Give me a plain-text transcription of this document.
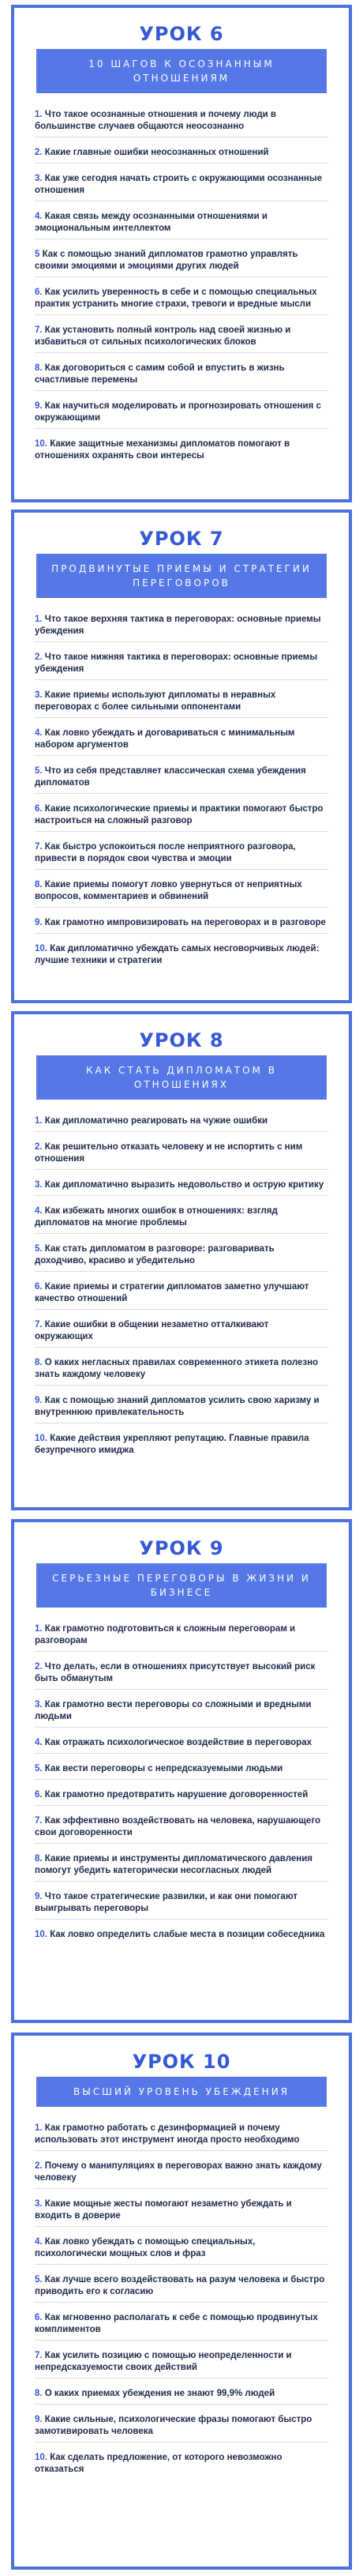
УРОК 6
10 ШАГОВ К ОСОЗНАННЫМ ОТНОШЕНИЯМ
1. Что такое осознанные отношения и почему люди в большинстве случаев общаются неосознанно
2. Какие главные ошибки неосознанных отношений
3. Как уже сегодня начать строить с окружающими осознанные отношения
4. Какая связь между осознанными отношениями и эмоциональным интеллектом
5 Как с помощью знаний дипломатов грамотно управлять своими эмоциями и эмоциями других людей
6. Как усилить уверенность в себе и с помощью специальных практик устранить многие страхи, тревоги и вредные мысли
7. Как установить полный контроль над своей жизнью и избавиться от сильных психологических блоков
8. Как договориться с самим собой и впустить в жизнь счастливые перемены
9. Как научиться моделировать и прогнозировать отношения с окружающими
10. Какие защитные механизмы дипломатов помогают в отношениях охранять свои интересы
УРОК 7
ПРОДВИНУТЫЕ ПРИЕМЫ И СТРАТЕГИИ ПЕРЕГОВОРОВ
1. Что такое верхняя тактика в переговорах: основные приемы убеждения
2. Что такое нижняя тактика в переговорах: основные приемы убеждения
3. Какие приемы используют дипломаты в неравных переговорах с более сильными оппонентами
4. Как ловко убеждать и договариваться с минимальным набором аргументов
5. Что из себя представляет классическая схема убеждения дипломатов
6. Какие психологические приемы и практики помогают быстро настроиться на сложный разговор
7. Как быстро успокоиться после неприятного разговора, привести в порядок свои чувства и эмоции
8. Какие приемы помогут ловко увернуться от неприятных вопросов, комментариев и обвинений
9. Как грамотно импровизировать на переговорах и в разговоре
10. Как дипломатично убеждать самых несговорчивых людей: лучшие техники и стратегии
УРОК 8
КАК СТАТЬ ДИПЛОМАТОМ В ОТНОШЕНИЯХ
1. Как дипломатично реагировать на чужие ошибки
2. Как решительно отказать человеку и не испортить с ним отношения
3. Как дипломатично выразить недовольство и острую критику
4. Как избежать многих ошибок в отношениях: взгляд дипломатов на многие проблемы
5. Как стать дипломатом в разговоре: разговаривать доходчиво, красиво и убедительно
6. Какие приемы и стратегии дипломатов заметно улучшают качество отношений
7. Какие ошибки в общении незаметно отталкивают окружающих
8. О каких неглaсных правилах современного этикета полезно знать каждому человеку
9. Как с помощью знаний дипломатов усилить свою харизму и внутреннюю привлекательность
10. Какие действия укрепляют репутацию. Главные правила безупречного имиджа
УРОК 9
СЕРЬЕЗНЫЕ ПЕРЕГОВОРЫ В ЖИЗНИ И БИЗНЕСЕ
1. Как грамотно подготовиться к сложным переговорам и разговорам
2. Что делать, если в отношениях присутствует высокий риск быть обманутым
3. Как грамотно вести переговоры со сложными и вредными людьми
4. Как отражать психологическое воздействие в переговорах
5. Как вести переговоры с непредсказуемыми людьми
6. Как грамотно предотвратить нарушение договоренностей
7. Как эффективно воздействовать на человека, нарушающего свои договоренности
8. Какие приемы и инструменты дипломатического давления помогут убедить категорически несогласных людей
9. Что такое стратегические развилки, и как они помогают выигрывать переговоры
10. Как ловко определить слабые места в позиции собеседника
УРОК 10
ВЫСШИЙ УРОВЕНЬ УБЕЖДЕНИЯ
1. Как грамотно работать с дезинформацией и почему использовать этот инструмент иногда просто необходимо
2. Почему о манипуляциях в переговорах важно знать каждому человеку
3. Какие мощные жесты помогают незаметно убеждать и входить в доверие
4. Как ловко убеждать с помощью специальных, психологически мощных слов и фраз
5. Как лучше всего воздействовать на разум человека и быстро приводить его к согласию
6. Как мгновенно располагать к себе с помощью продвинутых комплиментов
7. Как усилить позицию с помощью неопределенности и непредсказуемости своих действий
8. О каких приемах убеждения не знают 99,9% людей
9. Какие сильные, психологические фразы помогают быстро замотивировать человека
10. Как сделать предложение, от которого невозможно отказаться
